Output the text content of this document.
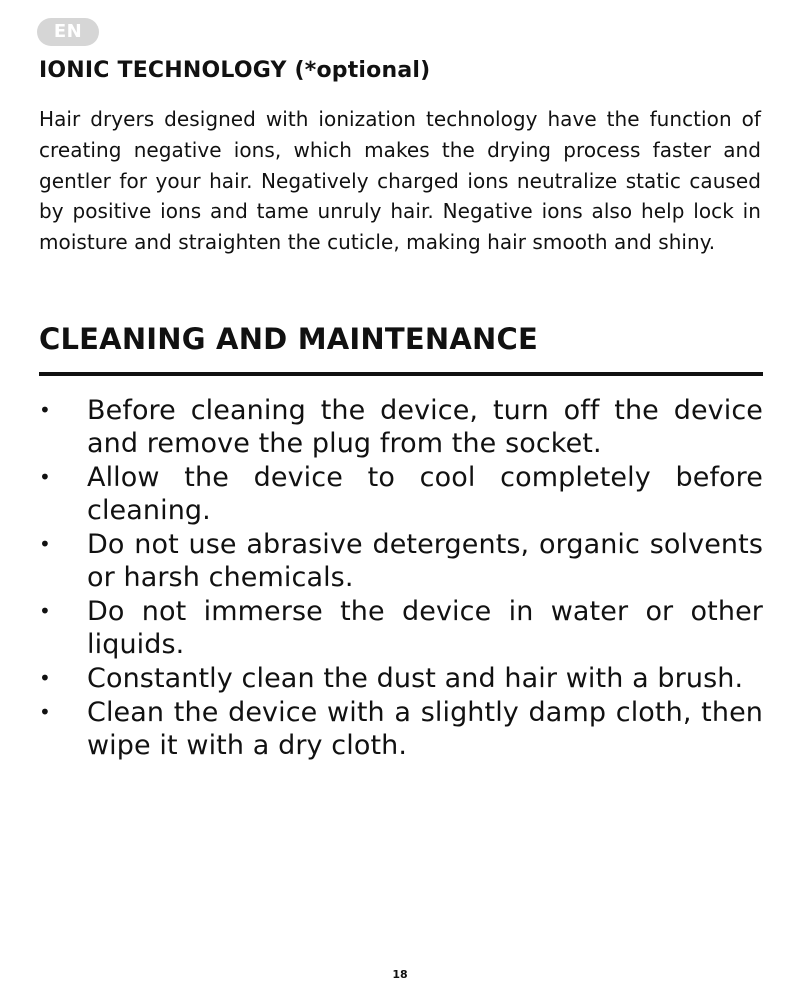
EN
IONIC TECHNOLOGY (*optional)
Hair dryers designed with ionization technology have the function of creating negative ions, which makes the drying process faster and gentler for your hair. Negatively charged ions neutralize static caused by positive ions and tame unruly hair. Negative ions also help lock in moisture and straighten the cuticle, making hair smooth and shiny.
CLEANING AND MAINTENANCE
• Before cleaning the device, turn off the device and remove the plug from the socket.
• Allow the device to cool completely before cleaning.
• Do not use abrasive detergents, organic solvents or harsh chemicals.
• Do not immerse the device in water or other liquids.
• Constantly clean the dust and hair with a brush.
• Clean the device with a slightly damp cloth, then wipe it with a dry cloth.
18
